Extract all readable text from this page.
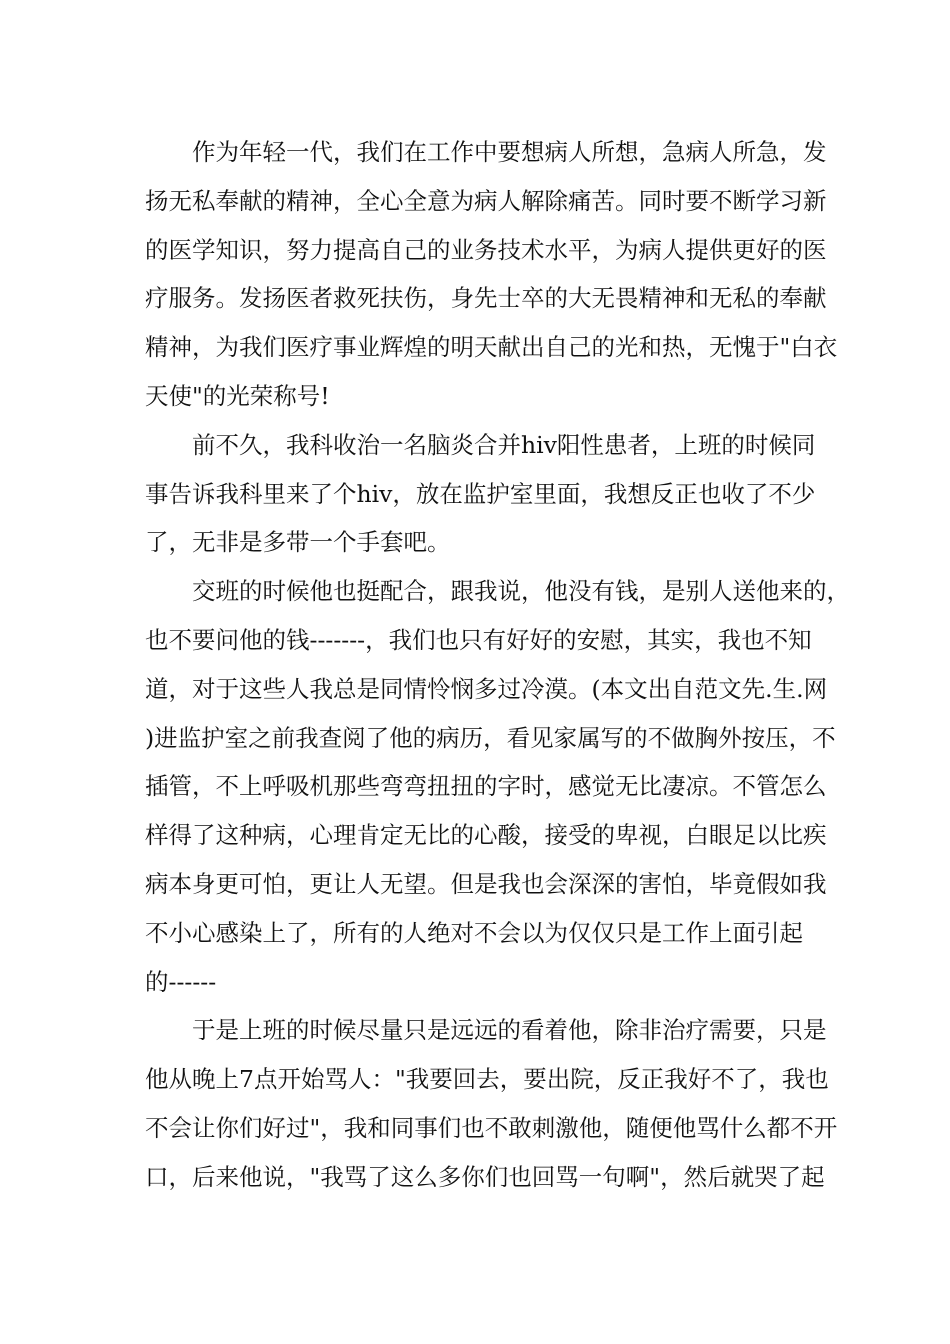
　　作为年轻一代，我们在工作中要想病人所想，急病人所急，发
扬无私奉献的精神，全心全意为病人解除痛苦。同时要不断学习新
的医学知识，努力提高自己的业务技术水平，为病人提供更好的医
疗服务。发扬医者救死扶伤，身先士卒的大无畏精神和无私的奉献
精神，为我们医疗事业辉煌的明天献出自己的光和热，无愧于"白衣
天使"的光荣称号!
　　前不久，我科收治一名脑炎合并hiv阳性患者，上班的时候同
事告诉我科里来了个hiv，放在监护室里面，我想反正也收了不少
了，无非是多带一个手套吧。
　　交班的时候他也挺配合，跟我说，他没有钱，是别人送他来的，
也不要问他的钱-------，我们也只有好好的安慰，其实，我也不知
道，对于这些人我总是同情怜悯多过冷漠。(本文出自范文先.生.网
)进监护室之前我查阅了他的病历，看见家属写的不做胸外按压，不
插管，不上呼吸机那些弯弯扭扭的字时，感觉无比凄凉。不管怎么
样得了这种病，心理肯定无比的心酸，接受的卑视，白眼足以比疾
病本身更可怕，更让人无望。但是我也会深深的害怕，毕竟假如我
不小心感染上了，所有的人绝对不会以为仅仅只是工作上面引起
的------
　　于是上班的时候尽量只是远远的看着他，除非治疗需要，只是
他从晚上7点开始骂人："我要回去，要出院，反正我好不了，我也
不会让你们好过"，我和同事们也不敢刺激他，随便他骂什么都不开
口，后来他说，"我骂了这么多你们也回骂一句啊"，然后就哭了起
